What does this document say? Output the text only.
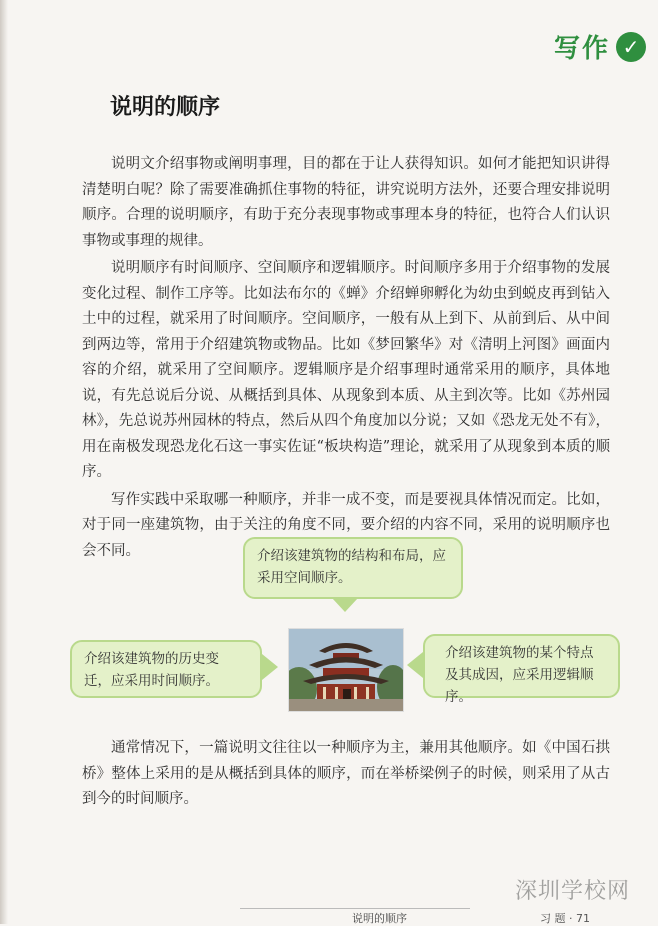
写作 ✓
说明的顺序

说明文介绍事物或阐明事理，目的都在于让人获得知识。如何才能把知识讲得清楚明白呢？除了需要准确抓住事物的特征，讲究说明方法外，还要合理安排说明顺序。合理的说明顺序，有助于充分表现事物或事理本身的特征，也符合人们认识事物或事理的规律。

说明顺序有时间顺序、空间顺序和逻辑顺序。时间顺序多用于介绍事物的发展变化过程、制作工序等。比如法布尔的《蝉》介绍蝉卵孵化为幼虫到蜕皮再到钻入土中的过程，就采用了时间顺序。空间顺序，一般有从上到下、从前到后、从中间到两边等，常用于介绍建筑物或物品。比如《梦回繁华》对《清明上河图》画面内容的介绍，就采用了空间顺序。逻辑顺序是介绍事理时通常采用的顺序，具体地说，有先总说后分说、从概括到具体、从现象到本质、从主到次等。比如《苏州园林》，先总说苏州园林的特点，然后从四个角度加以分说；又如《恐龙无处不有》，用在南极发现恐龙化石这一事实佐证“板块构造”理论，就采用了从现象到本质的顺序。

写作实践中采取哪一种顺序，并非一成不变，而是要视具体情况而定。比如，对于同一座建筑物，由于关注的角度不同，要介绍的内容不同，采用的说明顺序也会不同。	介绍该建筑物的结构和布局，应采用空间顺序。
介绍该建筑物的历史变迁，应采用时间顺序。
介绍该建筑物的某个特点及其成因，应采用逻辑顺序。

通常情况下，一篇说明文往往以一种顺序为主，兼用其他顺序。如《中国石拱桥》整体上采用的是从概括到具体的顺序，而在举桥梁例子的时候，则采用了从古到今的时间顺序。

深圳学校网
说明的顺序	习 题 · 71
